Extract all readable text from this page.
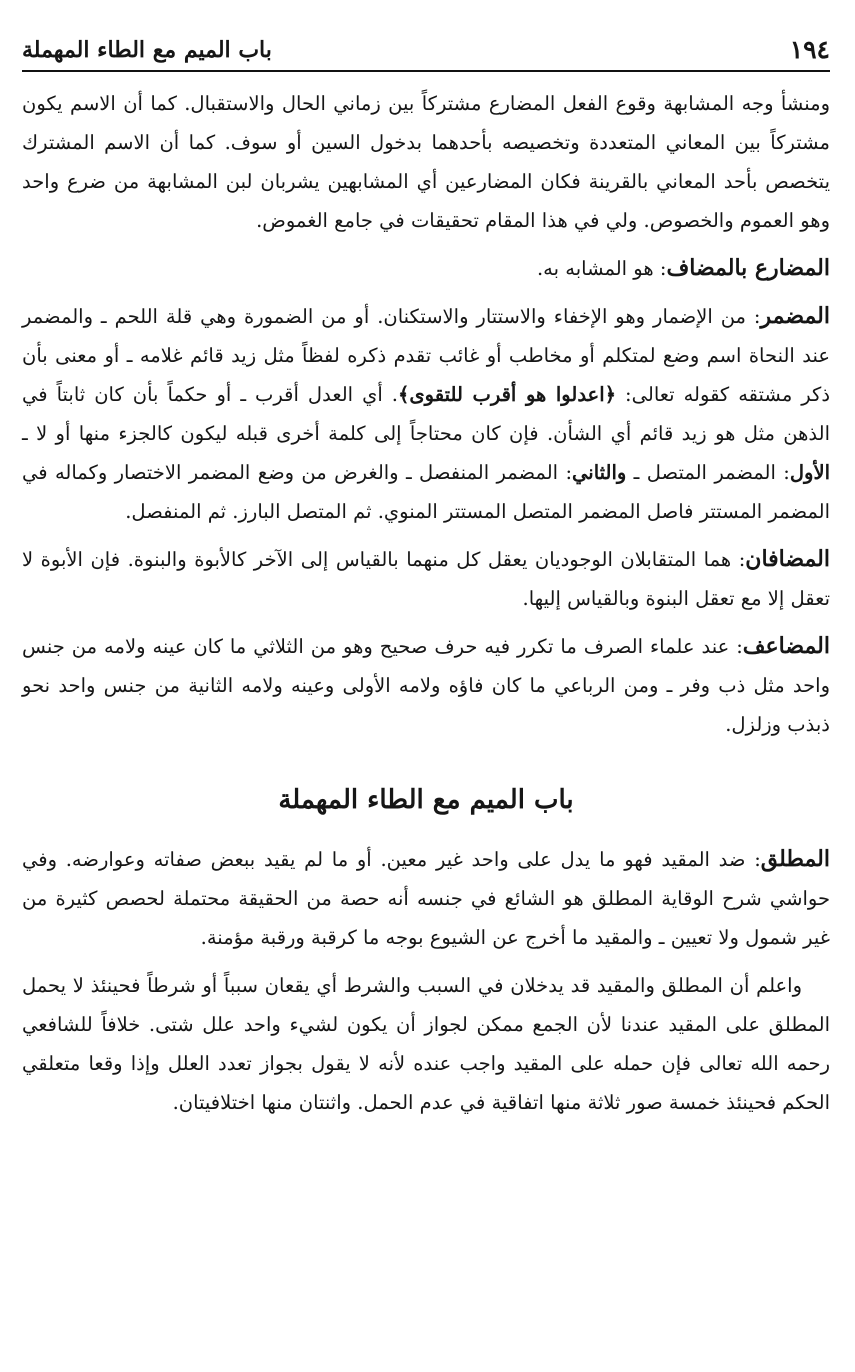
١٩٤
باب الميم مع الطاء المهملة

ومنشأ وجه المشابهة وقوع الفعل المضارع مشتركاً بين زماني الحال والاستقبال. كما أن الاسم يكون مشتركاً بين المعاني المتعددة وتخصيصه بأحدهما بدخول السين أو سوف. كما أن الاسم المشترك يتخصص بأحد المعاني بالقرينة فكان المضارعين أي المشابهين يشربان لبن المشابهة من ضرع واحد وهو العموم والخصوص. ولي في هذا المقام تحقيقات في جامع الغموض.

المضارع بالمضاف: هو المشابه به.

المضمر: من الإضمار وهو الإخفاء والاستتار والاستكنان. أو من الضمورة وهي قلة اللحم ـ والمضمر عند النحاة اسم وضع لمتكلم أو مخاطب أو غائب تقدم ذكره لفظاً مثل زيد قائم غلامه ـ أو معنى بأن ذكر مشتقه كقوله تعالى: ﴿اعدلوا هو أقرب للتقوى﴾. أي العدل أقرب ـ أو حكماً بأن كان ثابتاً في الذهن مثل هو زيد قائم أي الشأن. فإن كان محتاجاً إلى كلمة أخرى قبله ليكون كالجزء منها أو لا ـ الأول: المضمر المتصل ـ والثاني: المضمر المنفصل ـ والغرض من وضع المضمر الاختصار وكماله في المضمر المستتر فاصل المضمر المتصل المستتر المنوي. ثم المتصل البارز. ثم المنفصل.

المضافان: هما المتقابلان الوجوديان يعقل كل منهما بالقياس إلى الآخر كالأبوة والبنوة. فإن الأبوة لا تعقل إلا مع تعقل البنوة وبالقياس إليها.

المضاعف: عند علماء الصرف ما تكرر فيه حرف صحيح وهو من الثلاثي ما كان عينه ولامه من جنس واحد مثل ذب وفر ـ ومن الرباعي ما كان فاؤه ولامه الأولى وعينه ولامه الثانية من جنس واحد نحو ذبذب وزلزل.

باب الميم مع الطاء المهملة

المطلق: ضد المقيد فهو ما يدل على واحد غير معين. أو ما لم يقيد ببعض صفاته وعوارضه. وفي حواشي شرح الوقاية المطلق هو الشائع في جنسه أنه حصة من الحقيقة محتملة لحصص كثيرة من غير شمول ولا تعيين ـ والمقيد ما أخرج عن الشيوع بوجه ما كرقبة ورقبة مؤمنة.

واعلم أن المطلق والمقيد قد يدخلان في السبب والشرط أي يقعان سبباً أو شرطاً فحينئذ لا يحمل المطلق على المقيد عندنا لأن الجمع ممكن لجواز أن يكون لشيء واحد علل شتى. خلافاً للشافعي رحمه الله تعالى فإن حمله على المقيد واجب عنده لأنه لا يقول بجواز تعدد العلل وإذا وقعا متعلقي الحكم فحينئذ خمسة صور ثلاثة منها اتفاقية في عدم الحمل. واثنتان منها اختلافيتان.
